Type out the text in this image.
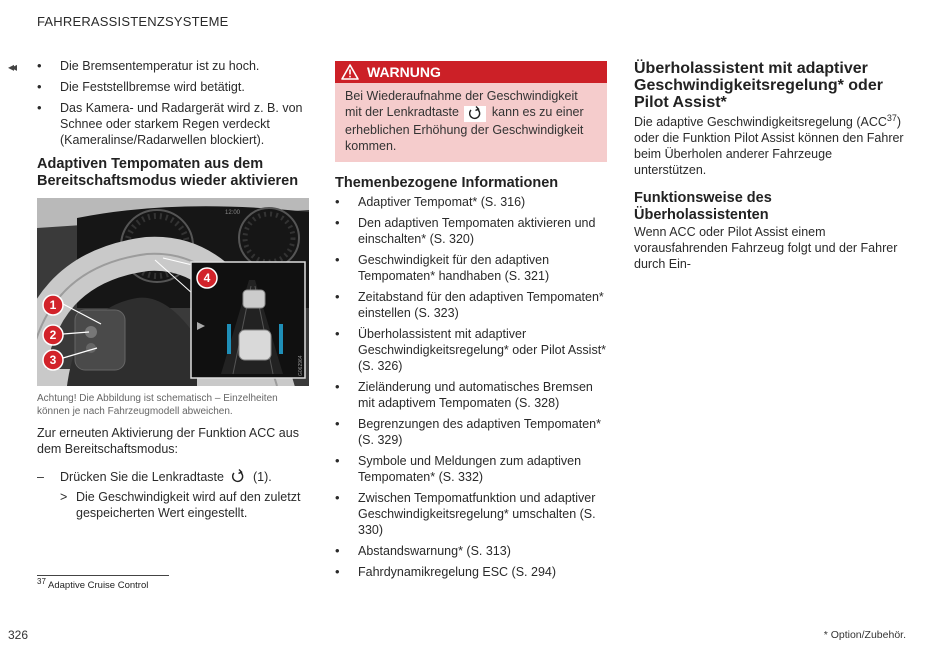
FAHRERASSISTENZSYSTEME
◂◂
•	Die Bremsentemperatur ist zu hoch.
• Die Feststellbremse wird betätigt.
• Das Kamera- und Radargerät wird z. B. von Schnee oder starkem Regen verdeckt (Kameralinse/Radarwellen blockiert).
Adaptiven Tempomaten aus dem Bereitschaftsmodus wieder aktivieren
76
12:00
G062964
1
2
3
4
Achtung! Die Abbildung ist schematisch – Einzelheiten können je nach Fahrzeugmodell abweichen.

Zur erneuten Aktivierung der Funktion ACC aus dem Bereitschaftsmodus:

– Drücken Sie die Lenkradtaste (1).
> Die Geschwindigkeit wird auf den zuletzt gespeicherten Wert eingestellt.
WARNUNG
Bei Wiederaufnahme der Geschwindigkeit mit der Lenkradtaste	kann es zu einer erheblichen Erhöhung der Geschwindigkeit kommen.
Themenbezogene Informationen
• Adaptiver Tempomat* (S. 316)
• Den adaptiven Tempomaten aktivieren und einschalten* (S. 320)
• Geschwindigkeit für den adaptiven Tempomaten* handhaben (S. 321)
• Zeitabstand für den adaptiven Tempomaten* einstellen (S. 323)
• Überholassistent mit adaptiver Geschwindigkeitsregelung* oder Pilot Assist* (S. 326)
• Zieländerung und automatisches Bremsen mit adaptivem Tempomaten (S. 328)
• Begrenzungen des adaptiven Tempomaten* (S. 329)
• Symbole und Meldungen zum adaptiven Tempomaten* (S. 332)
• Zwischen Tempomatfunktion und adaptiver Geschwindigkeitsregelung* umschalten (S. 330)
• Abstandswarnung* (S. 313)
• Fahrdynamikregelung ESC (S. 294)
Überholassistent mit adaptiver Geschwindigkeitsregelung* oder Pilot Assist*

Die adaptive Geschwindigkeitsregelung (ACC$^{37}$) oder die Funktion Pilot Assist können den Fahrer beim Überholen anderer Fahrzeuge unterstützen.

Funktionsweise des Überholassistenten

Wenn ACC oder Pilot Assist einem vorausfahrenden Fahrzeug folgt und der Fahrer durch Ein-

$^{37}$ Adaptive Cruise Control
326	* Option/Zubehör.
